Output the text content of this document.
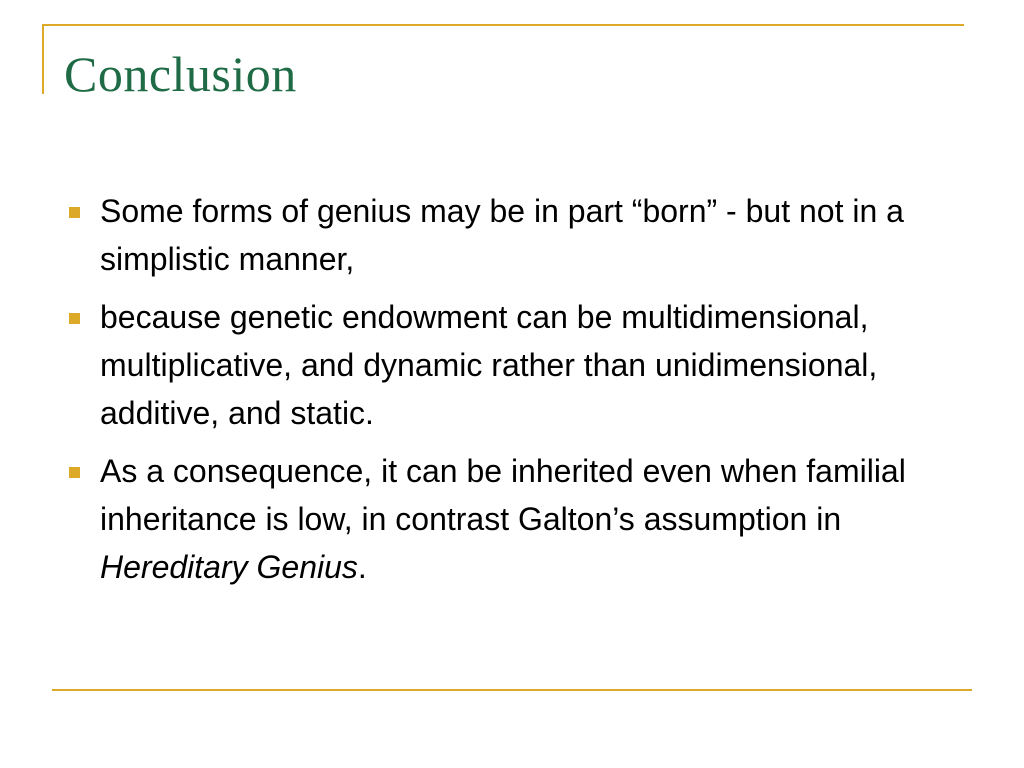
Conclusion
Some forms of genius may be in part “born” - but not in a simplistic manner,
because genetic endowment can be multidimensional, multiplicative, and dynamic rather than unidimensional, additive, and static.
As a consequence, it can be inherited even when familial inheritance is low, in contrast Galton’s assumption in Hereditary Genius.
